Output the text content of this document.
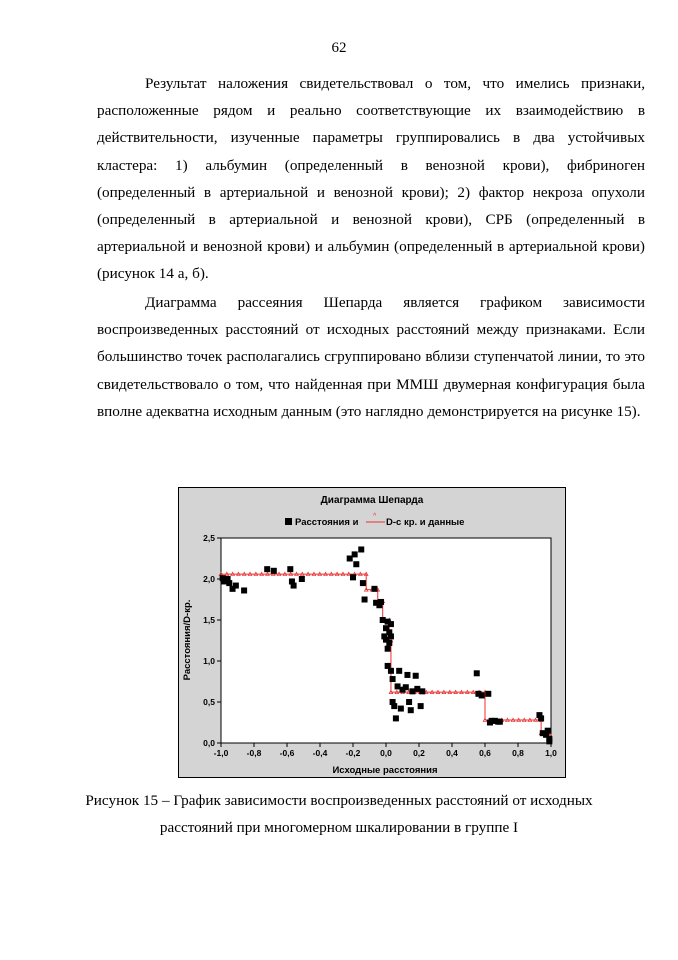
62

Результат наложения свидетельствовал о том, что имелись признаки, расположенные рядом и реально соответствующие их взаимодействию в действительности, изученные параметры группировались в два устойчивых кластера: 1) альбумин (определенный в венозной крови), фибриноген (определенный в артериальной и венозной крови); 2) фактор некроза опухоли (определенный в артериальной и венозной крови), СРБ (определенный в артериальной и венозной крови) и альбумин (определенный в артериальной крови) (рисунок 14 а, б).

Диаграмма рассеяния Шепарда является графиком зависимости воспроизведенных расстояний от исходных расстояний между признаками. Если большинство точек располагались сгруппировано вблизи ступенчатой линии, то это свидетельствовало о том, что найденная при ММШ двумерная конфигурация была вполне адекватна исходным данным (это наглядно демонстрируется на рисунке 15).

Диаграмма Шепарда
Расстояния и
^
D-с кр. и данные
Расстояния/D-кр.
Исходные расстояния
-1,0 -0,8 -0,6 -0,4 -0,2 0,0 0,2 0,4 0,6 0,8 1,0
0,0
0,5
1,0
1,5
2,0
2,5
Рисунок 15 – График зависимости воспроизведенных расстояний от исходных
расстояний при многомерном шкалировании в группе I
